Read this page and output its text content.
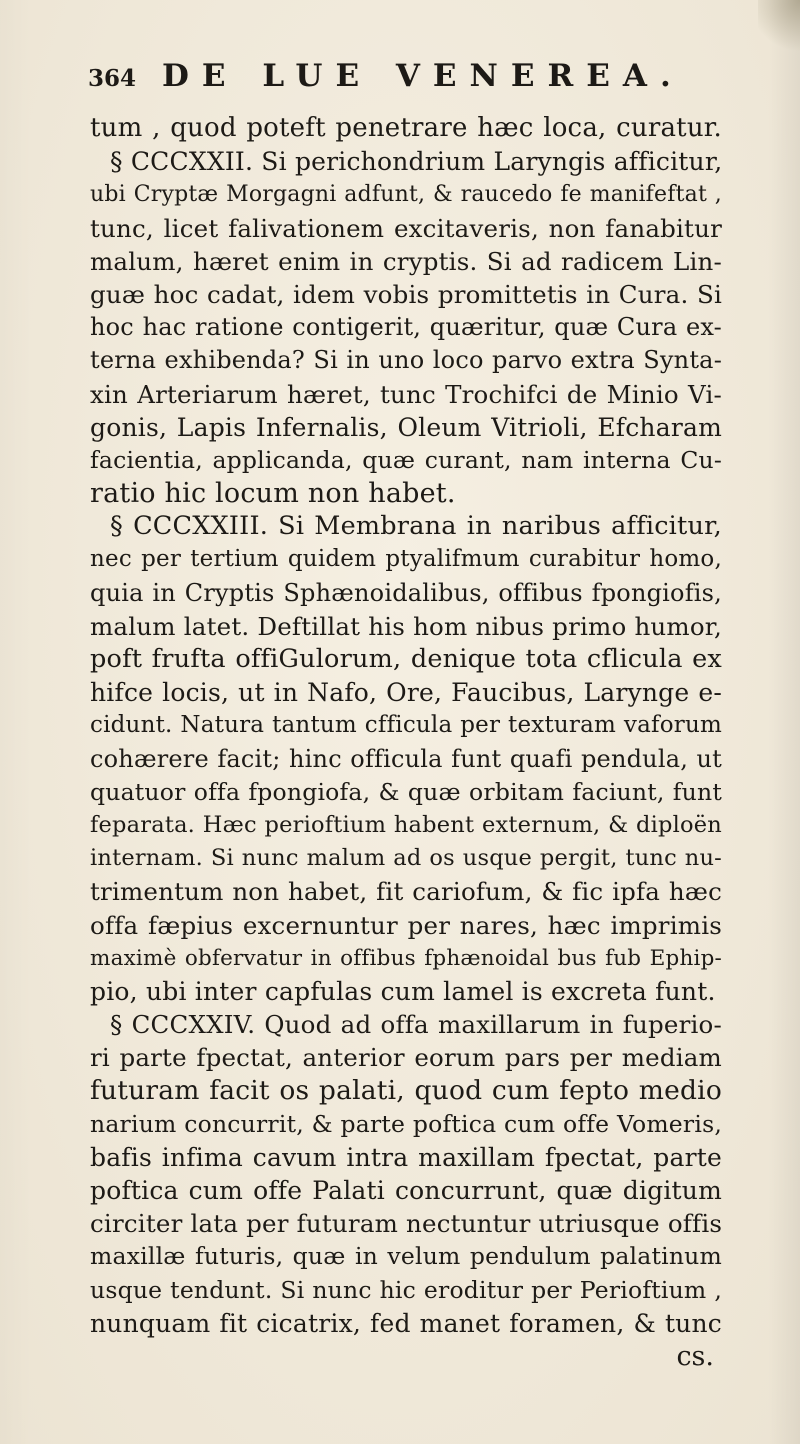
364 DE LUE VENEREA.
tum , quod poteft penetrare hæc loca, curatur.
§ CCCXXII. Si perichondrium Laryngis afficitur,
ubi Cryptæ Morgagni adfunt, & raucedo fe manifeftat ,
tunc, licet falivationem excitaveris, non fanabitur
malum, hæret enim in cryptis. Si ad radicem Lin-
guæ hoc cadat, idem vobis promittetis in Cura. Si
hoc hac ratione contigerit, quæritur, quæ Cura ex-
terna exhibenda? Si in uno loco parvo extra Synta-
xin Arteriarum hæret, tunc Trochifci de Minio Vi-
gonis, Lapis Infernalis, Oleum Vitrioli, Efcharam
facientia, applicanda, quæ curant, nam interna Cu-
ratio hic locum non habet.
§ CCCXXIII. Si Membrana in naribus afficitur,
nec per tertium quidem ptyalifmum curabitur homo,
quia in Cryptis Sphænoidalibus, offibus fpongiofis,
malum latet. Deftillat his hom nibus primo humor,
poft frufta offiGulorum, denique tota cflicula ex
hifce locis, ut in Nafo, Ore, Faucibus, Larynge e-
cidunt. Natura tantum cfficula per texturam vaforum
cohærere facit; hinc officula funt quafi pendula, ut
quatuor offa fpongiofa, & quæ orbitam faciunt, funt
feparata. Hæc perioftium habent externum, & diploën
internam. Si nunc malum ad os usque pergit, tunc nu-
trimentum non habet, fit cariofum, & fic ipfa hæc
offa fæpius excernuntur per nares, hæc imprimis
maximè obfervatur in offibus fphænoidal bus fub Ephip-
pio, ubi inter capfulas cum lamel is excreta funt.
§ CCCXXIV. Quod ad offa maxillarum in fuperio-
ri parte fpectat, anterior eorum pars per mediam
futuram facit os palati, quod cum fepto medio
narium concurrit, & parte poftica cum offe Vomeris,
bafis infima cavum intra maxillam fpectat, parte
poftica cum offe Palati concurrunt, quæ digitum
circiter lata per futuram nectuntur utriusque offis
maxillæ futuris, quæ in velum pendulum palatinum
usque tendunt. Si nunc hic eroditur per Perioftium ,
nunquam fit cicatrix, fed manet foramen, & tunc
cs.
